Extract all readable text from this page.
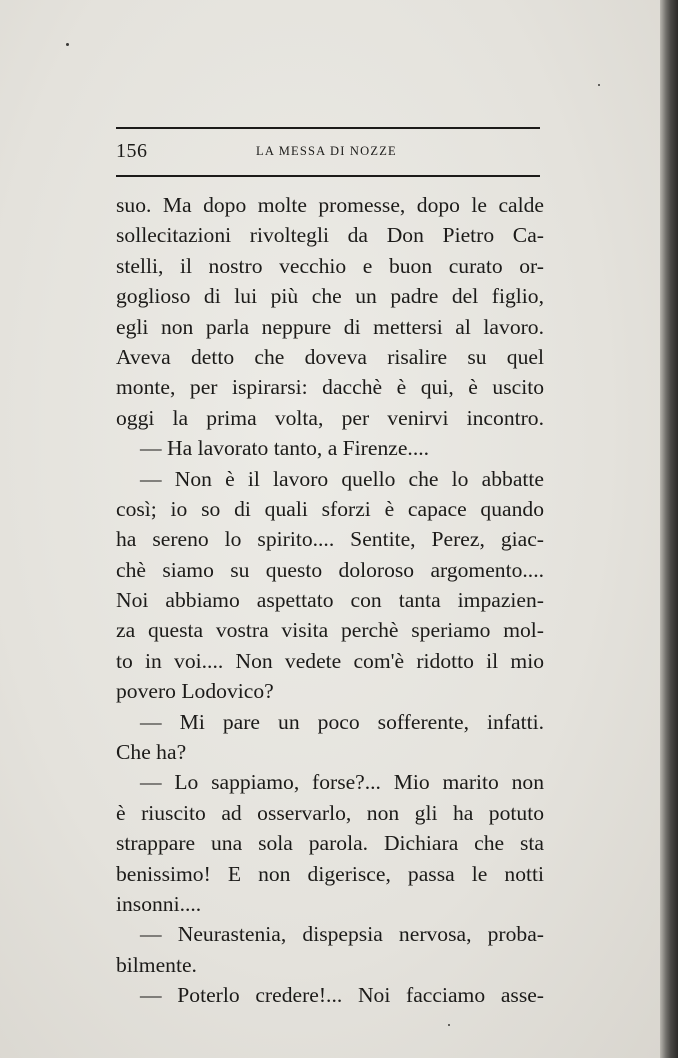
156	LA MESSA DI NOZZE
suo. Ma dopo molte promesse, dopo le calde
sollecitazioni rivoltegli da Don Pietro Ca-
stelli, il nostro vecchio e buon curato or-
goglioso di lui più che un padre del figlio,
egli non parla neppure di mettersi al lavoro.
Aveva detto che doveva risalire su quel
monte, per ispirarsi: dacchè è qui, è uscito
oggi la prima volta, per venirvi incontro.
— Ha lavorato tanto, a Firenze....
— Non è il lavoro quello che lo abbatte
così; io so di quali sforzi è capace quando
ha sereno lo spirito.... Sentite, Perez, giac-
chè siamo su questo doloroso argomento....
Noi abbiamo aspettato con tanta impazien-
za questa vostra visita perchè speriamo mol-
to in voi.... Non vedete com'è ridotto il mio
povero Lodovico?
— Mi pare un poco sofferente, infatti.
Che ha?
— Lo sappiamo, forse?... Mio marito non
è riuscito ad osservarlo, non gli ha potuto
strappare una sola parola. Dichiara che sta
benissimo! E non digerisce, passa le notti
insonni....
— Neurastenia, dispepsia nervosa, proba-
bilmente.
— Poterlo credere!... Noi facciamo asse-
